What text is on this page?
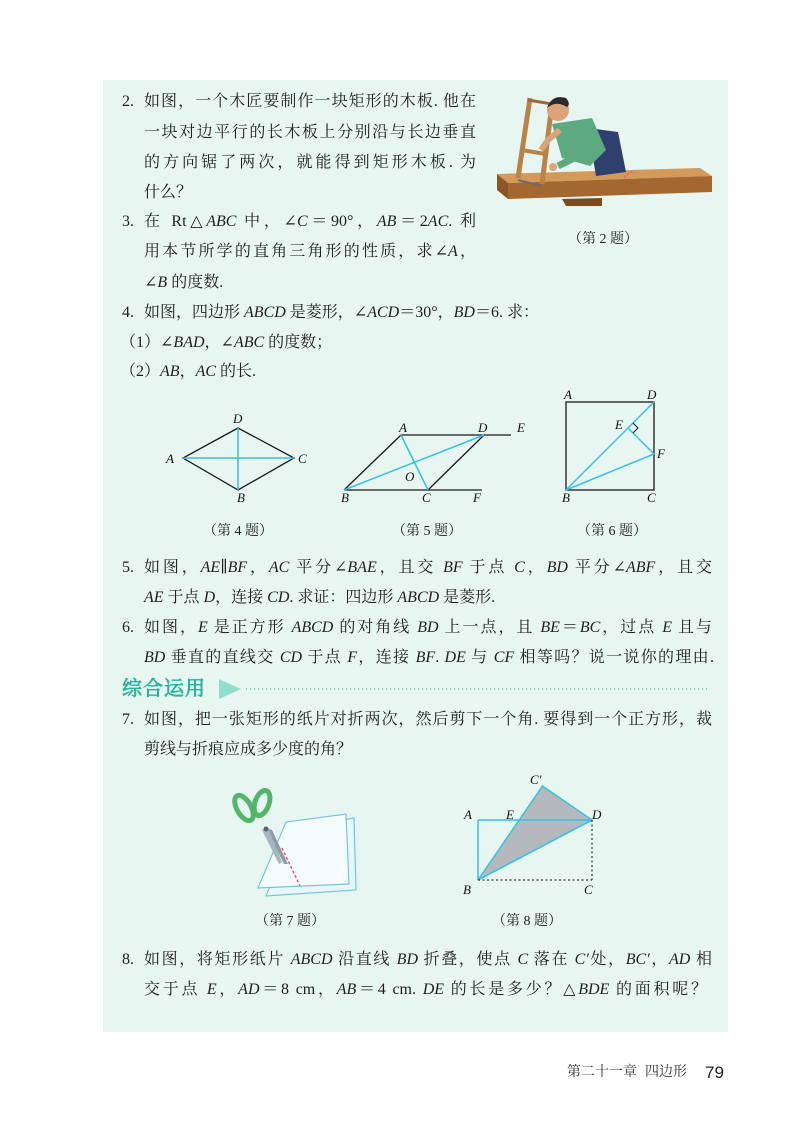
2. 如图，一个木匠要制作一块矩形的木板. 他在
一块对边平行的长木板上分别沿与长边垂直
的方向锯了两次，就能得到矩形木板. 为
什么？
3. 在 Rt△ABC 中，∠C＝90°，AB＝2AC. 利
用本节所学的直角三角形的性质，求∠A，
∠B 的度数.
4. 如图，四边形 ABCD 是菱形，∠ACD＝30°，BD＝6. 求：
（1）∠BAD，∠ABC 的度数；
（2）AB，AC 的长.
5. 如图，AE∥BF，AC 平分∠BAE，且交 BF 于点 C，BD 平分∠ABF，且交
AE 于点 D，连接 CD. 求证：四边形 ABCD 是菱形.
6. 如图，E 是正方形 ABCD 的对角线 BD 上一点，且 BE＝BC，过点 E 且与
BD 垂直的直线交 CD 于点 F，连接 BF. DE 与 CF 相等吗？说一说你的理由.
综合运用
7. 如图，把一张矩形的纸片对折两次，然后剪下一个角. 要得到一个正方形，裁
剪线与折痕应成多少度的角？
8. 如图，将矩形纸片 ABCD 沿直线 BD 折叠，使点 C 落在 C′处，BC′，AD 相
交于点 E，AD＝8 cm，AB＝4 cm. DE 的长是多少？△BDE 的面积呢？
（第 2 题）
（第 4 题）	（第 5 题）	（第 6 题）
（第 7 题）	（第 8 题）
第二十一章 四边形 79
D
A	C
B
A	D E
O
B	C	F
A	D
E
F
B	C
C′
A	E	D
B	C
